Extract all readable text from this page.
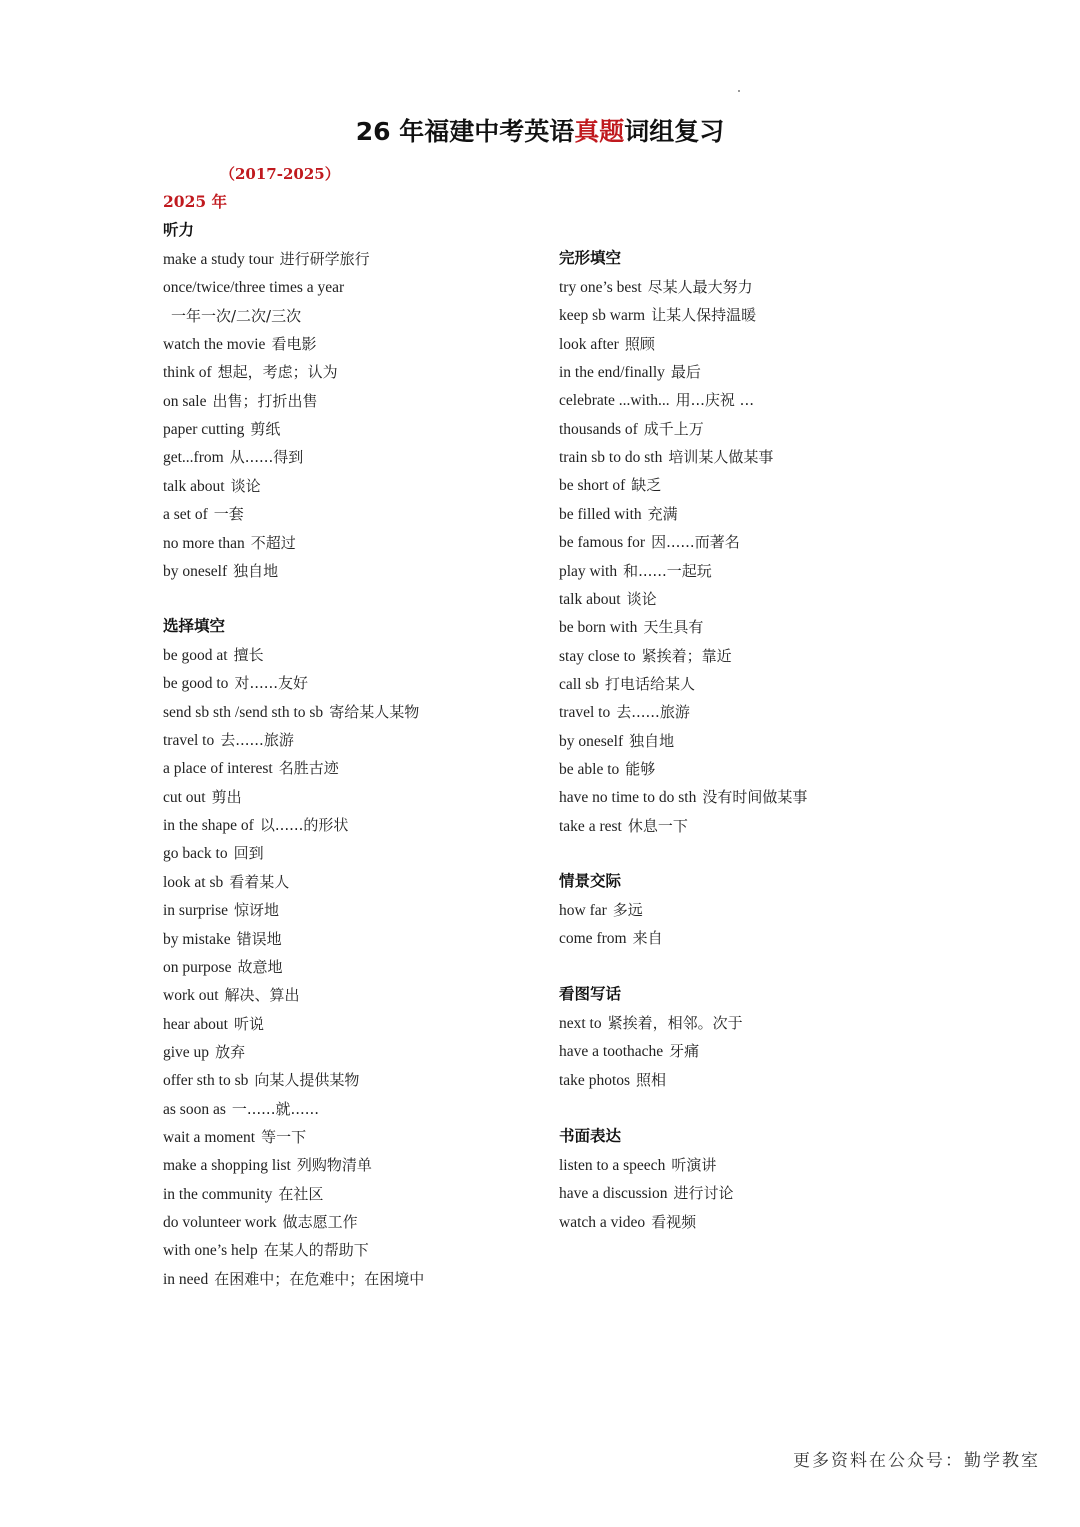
26 年福建中考英语真题词组复习
（2017-2025）
2025 年
听力
make a study tour 进行研学旅行
once/twice/three times a year
一年一次/二次/三次
watch the movie 看电影
think of 想起，考虑；认为
on sale 出售；打折出售
paper cutting 剪纸
get...from 从......得到
talk about 谈论
a set of 一套
no more than 不超过
by oneself 独自地
选择填空
be good at 擅长
be good to 对......友好
send sb sth /send sth to sb 寄给某人某物
travel to 去......旅游
a place of interest 名胜古迹
cut out 剪出
in the shape of 以......的形状
go back to 回到
look at sb 看着某人
in surprise 惊讶地
by mistake 错误地
on purpose 故意地
work out 解决、算出
hear about 听说
give up 放弃
offer sth to sb 向某人提供某物
as soon as 一......就......
wait a moment 等一下
make a shopping list 列购物清单
in the community 在社区
do volunteer work 做志愿工作
with one’s help 在某人的帮助下
in need 在困难中；在危难中；在困境中
完形填空
try one’s best 尽某人最大努力
keep sb warm 让某人保持温暖
look after 照顾
in the end/finally 最后
celebrate ...with... 用...庆祝 ...
thousands of 成千上万
train sb to do sth 培训某人做某事
be short of 缺乏
be filled with 充满
be famous for 因......而著名
play with 和......一起玩
talk about 谈论
be born with 天生具有
stay close to 紧挨着；靠近
call sb 打电话给某人
travel to 去......旅游
by oneself 独自地
be able to 能够
have no time to do sth 没有时间做某事
take a rest 休息一下
情景交际
how far 多远
come from 来自
看图写话
next to 紧挨着，相邻。次于
have a toothache 牙痛
take photos 照相
书面表达
listen to a speech 听演讲
have a discussion 进行讨论
watch a video 看视频
更多资料在公众号：勤学教室
